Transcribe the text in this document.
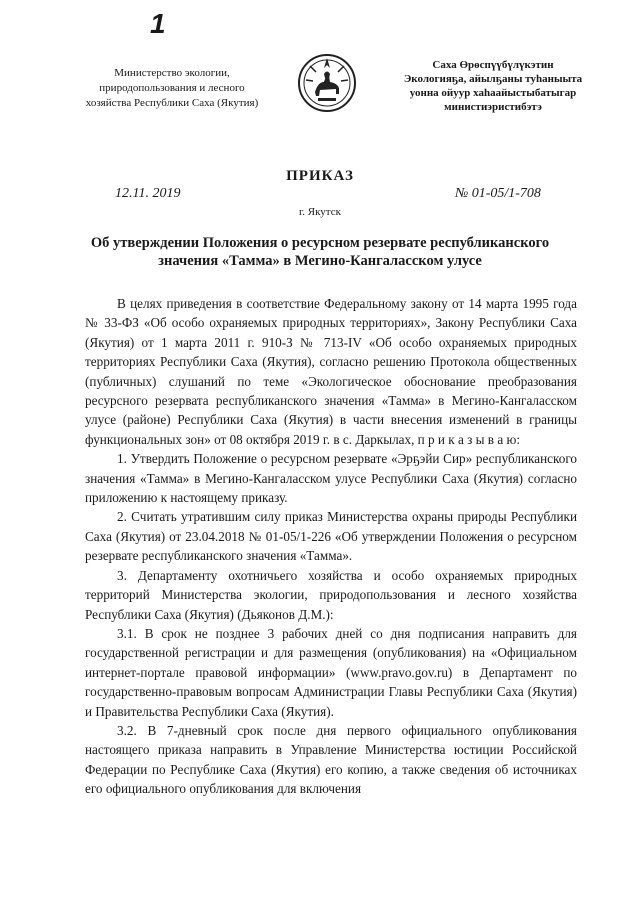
1
Министерство экологии,
природопользования и лесного
хозяйства Республики Саха (Якутия)
Саха Өрөспүүбүлүкэтин
Экологияҕа, айылҕаны туһаныыта
уонна ойуур хаһаайыстыбатыгар
министиэристибэтэ
ПРИКАЗ
12.11. 2019	№ 01-05/1-708
г. Якутск
Об утверждении Положения о ресурсном резервате республиканского значения «Тамма» в Мегино-Кангаласском улусе

В целях приведения в соответствие Федеральному закону от 14 марта 1995 года № 33-ФЗ «Об особо охраняемых природных территориях», Закону Республики Саха (Якутия) от 1 марта 2011 г. 910-З № 713-IV «Об особо охраняемых природных территориях Республики Саха (Якутия), согласно решению Протокола общественных (публичных) слушаний по теме «Экологическое обоснование преобразования ресурсного резервата республиканского значения «Тамма» в Мегино-Кангаласском улусе (районе) Республики Саха (Якутия) в части внесения изменений в границы функциональных зон» от 08 октября 2019 г. в с. Даркылах, п р и к а з ы в а ю:

1. Утвердить Положение о ресурсном резервате «Эрҕэйи Сир» республиканского значения «Тамма» в Мегино-Кангаласском улусе Республики Саха (Якутия) согласно приложению к настоящему приказу.

2. Считать утратившим силу приказ Министерства охраны природы Республики Саха (Якутия) от 23.04.2018 № 01-05/1-226 «Об утверждении Положения о ресурсном резервате республиканского значения «Тамма».

3. Департаменту охотничьего хозяйства и особо охраняемых природных территорий Министерства экологии, природопользования и лесного хозяйства Республики Саха (Якутия) (Дьяконов Д.М.):

3.1. В срок не позднее 3 рабочих дней со дня подписания направить для государственной регистрации и для размещения (опубликования) на «Официальном интернет-портале правовой информации» (www.pravo.gov.ru) в Департамент по государственно-правовым вопросам Администрации Главы Республики Саха (Якутия) и Правительства Республики Саха (Якутия).

3.2. В 7-дневный срок после дня первого официального опубликования настоящего приказа направить в Управление Министерства юстиции Российской Федерации по Республике Саха (Якутия) его копию, а также сведения об источниках его официального опубликования для включения
